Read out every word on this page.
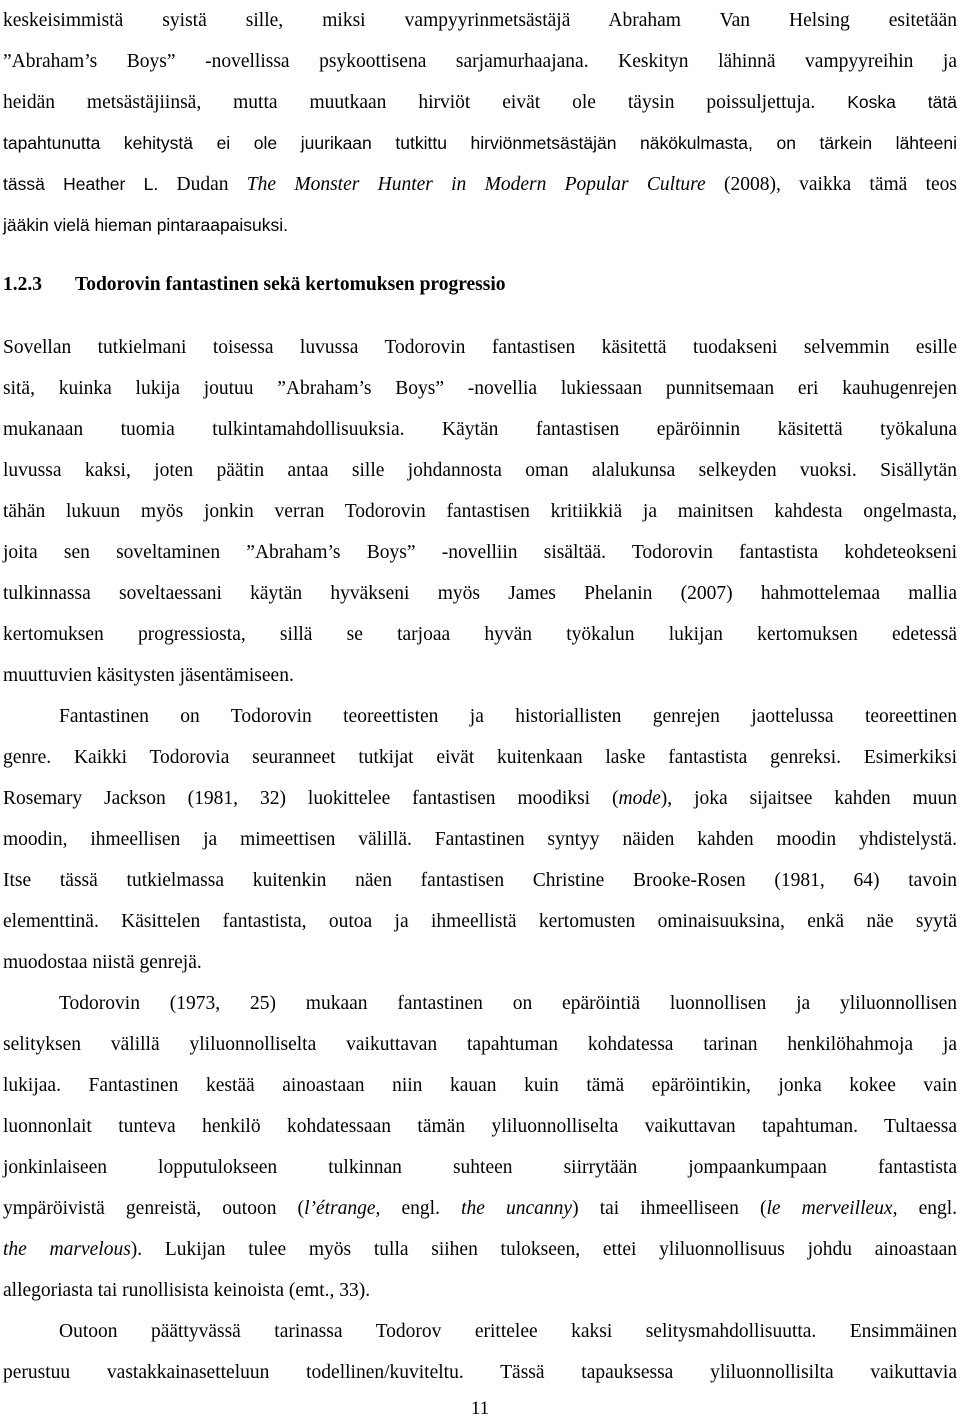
keskeisimmistä syistä sille, miksi vampyyrinmetsästäjä Abraham Van Helsing esitetään
”Abraham’s Boys” -novellissa psykoottisena sarjamurhaajana. Keskityn lähinnä vampyyreihin ja
heidän metsästäjiinsä, mutta muutkaan hirviöt eivät ole täysin poissuljettuja. Koska tätä
tapahtunutta kehitystä ei ole juurikaan tutkittu hirviönmetsästäjän näkökulmasta, on tärkein lähteeni
tässä Heather L. Dudan The Monster Hunter in Modern Popular Culture (2008), vaikka tämä teos
jääkin vielä hieman pintaraapaisuksi.
1.2.3 Todorovin fantastinen sekä kertomuksen progressio
Sovellan tutkielmani toisessa luvussa Todorovin fantastisen käsitettä tuodakseni selvemmin esille
sitä, kuinka lukija joutuu ”Abraham’s Boys” -novellia lukiessaan punnitsemaan eri kauhugenrejen
mukanaan tuomia tulkintamahdollisuuksia. Käytän fantastisen epäröinnin käsitettä työkaluna
luvussa kaksi, joten päätin antaa sille johdannosta oman alalukunsa selkeyden vuoksi. Sisällytän
tähän lukuun myös jonkin verran Todorovin fantastisen kritiikkiä ja mainitsen kahdesta ongelmasta,
joita sen soveltaminen ”Abraham’s Boys” -novelliin sisältää. Todorovin fantastista kohdeteokseni
tulkinnassa soveltaessani käytän hyväkseni myös James Phelanin (2007) hahmottelemaa mallia
kertomuksen progressiosta, sillä se tarjoaa hyvän työkalun lukijan kertomuksen edetessä
muuttuvien käsitysten jäsentämiseen.
Fantastinen on Todorovin teoreettisten ja historiallisten genrejen jaottelussa teoreettinen
genre. Kaikki Todorovia seuranneet tutkijat eivät kuitenkaan laske fantastista genreksi. Esimerkiksi
Rosemary Jackson (1981, 32) luokittelee fantastisen moodiksi (mode), joka sijaitsee kahden muun
moodin, ihmeellisen ja mimeettisen välillä. Fantastinen syntyy näiden kahden moodin yhdistelystä.
Itse tässä tutkielmassa kuitenkin näen fantastisen Christine Brooke-Rosen (1981, 64) tavoin
elementtinä. Käsittelen fantastista, outoa ja ihmeellistä kertomusten ominaisuuksina, enkä näe syytä
muodostaa niistä genrejä.
Todorovin (1973, 25) mukaan fantastinen on epäröintiä luonnollisen ja yliluonnollisen
selityksen välillä yliluonnolliselta vaikuttavan tapahtuman kohdatessa tarinan henkilöhahmoja ja
lukijaa. Fantastinen kestää ainoastaan niin kauan kuin tämä epäröintikin, jonka kokee vain
luonnonlait tunteva henkilö kohdatessaan tämän yliluonnolliselta vaikuttavan tapahtuman. Tultaessa
jonkinlaiseen lopputulokseen tulkinnan suhteen siirrytään jompaankumpaan fantastista
ympäröivistä genreistä, outoon (l’étrange, engl. the uncanny) tai ihmeelliseen (le merveilleux, engl.
the marvelous). Lukijan tulee myös tulla siihen tulokseen, ettei yliluonnollisuus johdu ainoastaan
allegoriasta tai runollisista keinoista (emt., 33).
Outoon päättyvässä tarinassa Todorov erittelee kaksi selitysmahdollisuutta. Ensimmäinen
perustuu vastakkainasetteluun todellinen/kuviteltu. Tässä tapauksessa yliluonnollisilta vaikuttavia
11
